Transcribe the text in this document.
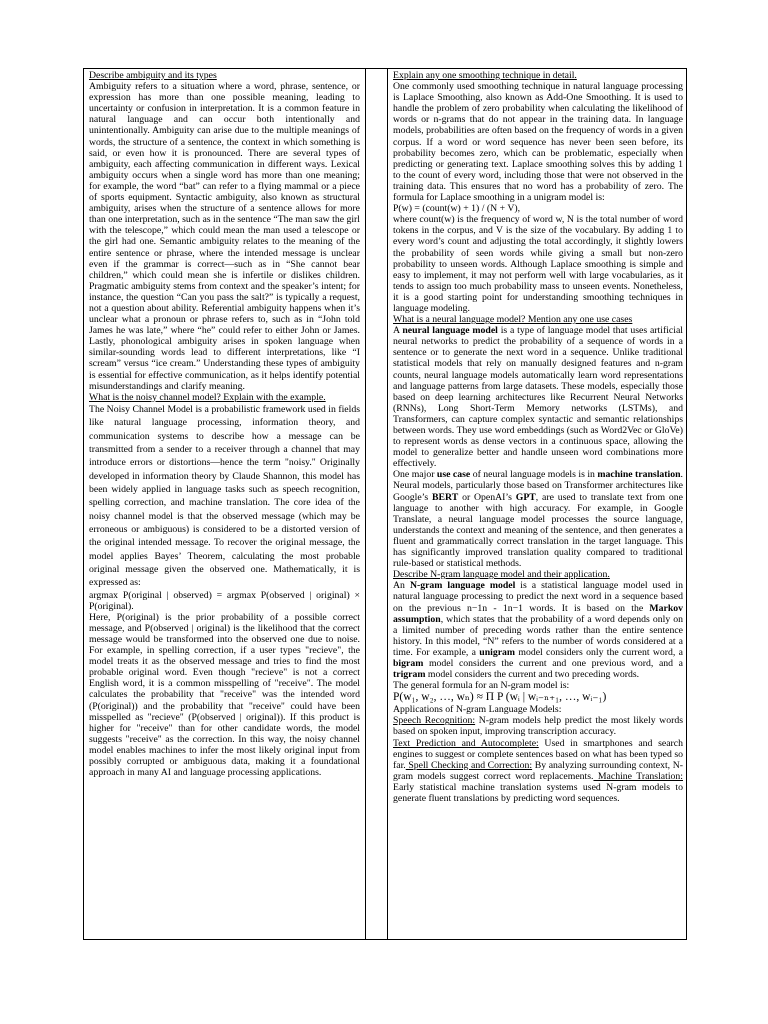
Describe ambiguity and its types

Ambiguity refers to a situation where a word, phrase, sentence, or expression has more than one possible meaning, leading to uncertainty or confusion in interpretation. It is a common feature in natural language and can occur both intentionally and unintentionally. Ambiguity can arise due to the multiple meanings of words, the structure of a sentence, the context in which something is said, or even how it is pronounced. There are several types of ambiguity, each affecting communication in different ways. Lexical ambiguity occurs when a single word has more than one meaning; for example, the word “bat” can refer to a flying mammal or a piece of sports equipment. Syntactic ambiguity, also known as structural ambiguity, arises when the structure of a sentence allows for more than one interpretation, such as in the sentence “The man saw the girl with the telescope,” which could mean the man used a telescope or the girl had one. Semantic ambiguity relates to the meaning of the entire sentence or phrase, where the intended message is unclear even if the grammar is correct—such as in “She cannot bear children,” which could mean she is infertile or dislikes children. Pragmatic ambiguity stems from context and the speaker’s intent; for instance, the question “Can you pass the salt?” is typically a request, not a question about ability. Referential ambiguity happens when it’s unclear what a pronoun or phrase refers to, such as in “John told James he was late,” where “he” could refer to either John or James. Lastly, phonological ambiguity arises in spoken language when similar-sounding words lead to different interpretations, like “I scream” versus “ice cream.” Understanding these types of ambiguity is essential for effective communication, as it helps identify potential misunderstandings and clarify meaning.

What is the noisy channel model? Explain with the example.

The Noisy Channel Model is a probabilistic framework used in fields like natural language processing, information theory, and communication systems to describe how a message can be transmitted from a sender to a receiver through a channel that may introduce errors or distortions—hence the term "noisy." Originally developed in information theory by Claude Shannon, this model has been widely applied in language tasks such as speech recognition, spelling correction, and machine translation. The core idea of the noisy channel model is that the observed message (which may be erroneous or ambiguous) is considered to be a distorted version of the original intended message. To recover the original message, the model applies Bayes’ Theorem, calculating the most probable original message given the observed one. Mathematically, it is expressed as:

argmax P(original | observed) = argmax P(observed | original) × P(original).

Here, P(original) is the prior probability of a possible correct message, and P(observed | original) is the likelihood that the correct message would be transformed into the observed one due to noise. For example, in spelling correction, if a user types "recieve", the model treats it as the observed message and tries to find the most probable original word. Even though "recieve" is not a correct English word, it is a common misspelling of "receive". The model calculates the probability that "receive" was the intended word (P(original)) and the probability that "receive" could have been misspelled as "recieve" (P(observed | original)). If this product is higher for "receive" than for other candidate words, the model suggests "receive" as the correction. In this way, the noisy channel model enables machines to infer the most likely original input from possibly corrupted or ambiguous data, making it a foundational approach in many AI and language processing applications.

Explain any one smoothing technique in detail.

One commonly used smoothing technique in natural language processing is Laplace Smoothing, also known as Add-One Smoothing. It is used to handle the problem of zero probability when calculating the likelihood of words or n-grams that do not appear in the training data. In language models, probabilities are often based on the frequency of words in a given corpus. If a word or word sequence has never been seen before, its probability becomes zero, which can be problematic, especially when predicting or generating text. Laplace smoothing solves this by adding 1 to the count of every word, including those that were not observed in the training data. This ensures that no word has a probability of zero. The formula for Laplace smoothing in a unigram model is:

P(w) = (count(w) + 1) / (N + V),

where count(w) is the frequency of word w, N is the total number of word tokens in the corpus, and V is the size of the vocabulary. By adding 1 to every word’s count and adjusting the total accordingly, it slightly lowers the probability of seen words while giving a small but non-zero probability to unseen words. Although Laplace smoothing is simple and easy to implement, it may not perform well with large vocabularies, as it tends to assign too much probability mass to unseen events. Nonetheless, it is a good starting point for understanding smoothing techniques in language modeling.

What is a neural language model? Mention any one use cases

A neural language model is a type of language model that uses artificial neural networks to predict the probability of a sequence of words in a sentence or to generate the next word in a sequence. Unlike traditional statistical models that rely on manually designed features and n-gram counts, neural language models automatically learn word representations and language patterns from large datasets. These models, especially those based on deep learning architectures like Recurrent Neural Networks (RNNs), Long Short-Term Memory networks (LSTMs), and Transformers, can capture complex syntactic and semantic relationships between words. They use word embeddings (such as Word2Vec or GloVe) to represent words as dense vectors in a continuous space, allowing the model to generalize better and handle unseen word combinations more effectively.

One major use case of neural language models is in machine translation. Neural models, particularly those based on Transformer architectures like Google’s BERT or OpenAI’s GPT, are used to translate text from one language to another with high accuracy. For example, in Google Translate, a neural language model processes the source language, understands the context and meaning of the sentence, and then generates a fluent and grammatically correct translation in the target language. This has significantly improved translation quality compared to traditional rule-based or statistical methods.

Describe N-gram language model and their application.

An N-gram language model is a statistical language model used in natural language processing to predict the next word in a sequence based on the previous n−1n - 1n−1 words. It is based on the Markov assumption, which states that the probability of a word depends only on a limited number of preceding words rather than the entire sentence history. In this model, “N” refers to the number of words considered at a time. For example, a unigram model considers only the current word, a bigram model considers the current and one previous word, and a trigram model considers the current and two preceding words.

The general formula for an N-gram model is:

P(w₁, w₂, …, wₙ) ≈ Π P (wᵢ | wᵢ₋ₙ₊₁, …, wᵢ₋₁)

Applications of N-gram Language Models:

Speech Recognition: N-gram models help predict the most likely words based on spoken input, improving transcription accuracy.
Text Prediction and Autocomplete: Used in smartphones and search engines to suggest or complete sentences based on what has been typed so far. Spell Checking and Correction: By analyzing surrounding context, N-gram models suggest correct word replacements. Machine Translation: Early statistical machine translation systems used N-gram models to generate fluent translations by predicting word sequences.
